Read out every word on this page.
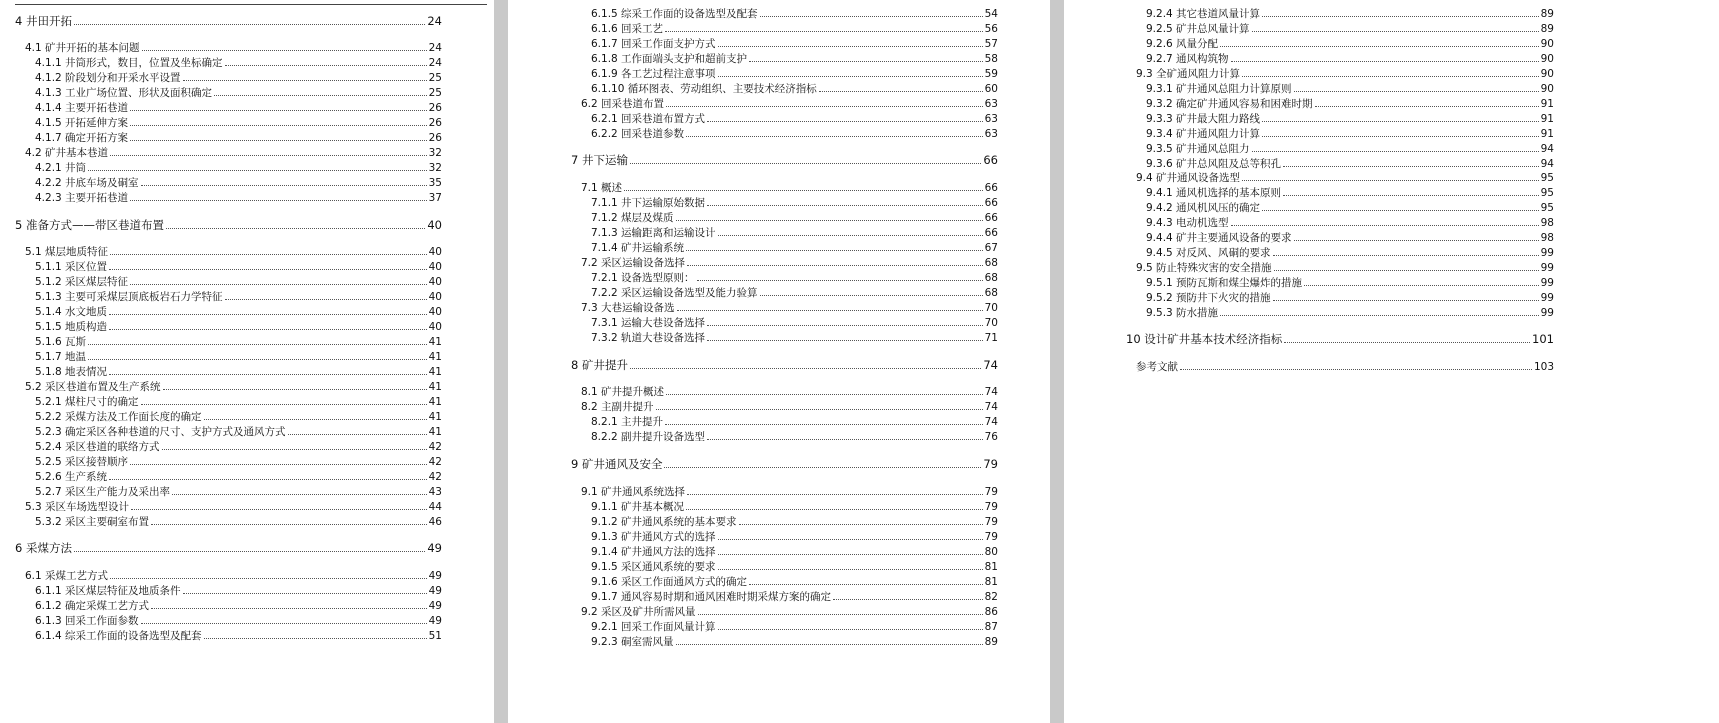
4 井田开拓	24
4.1 矿井开拓的基本问题	24
4.1.1 井筒形式，数目，位置及坐标确定	24
4.1.2 阶段划分和开采水平设置	25
4.1.3 工业广场位置、形状及面积确定	25
4.1.4 主要开拓巷道	26
4.1.5 开拓延伸方案	26
4.1.7 确定开拓方案	26
4.2 矿井基本巷道	32
4.2.1 井筒	32
4.2.2 井底车场及硐室	35
4.2.3 主要开拓巷道	37
5 准备方式——带区巷道布置	40
5.1 煤层地质特征	40
5.1.1 采区位置	40
5.1.2 采区煤层特征	40
5.1.3 主要可采煤层顶底板岩石力学特征	40
5.1.4 水文地质	40
5.1.5 地质构造	40
5.1.6 瓦斯	41
5.1.7 地温	41
5.1.8 地表情况	41
5.2 采区巷道布置及生产系统	41
5.2.1 煤柱尺寸的确定	41
5.2.2 采煤方法及工作面长度的确定	41
5.2.3 确定采区各种巷道的尺寸、支护方式及通风方式	41
5.2.4 采区巷道的联络方式	42
5.2.5 采区接替顺序	42
5.2.6 生产系统	42
5.2.7 采区生产能力及采出率	43
5.3 采区车场选型设计	44
5.3.2 采区主要硐室布置	46
6 采煤方法	49
6.1 采煤工艺方式	49
6.1.1 采区煤层特征及地质条件	49
6.1.2 确定采煤工艺方式	49
6.1.3 回采工作面参数	49
6.1.4 综采工作面的设备选型及配套	51
6.1.5 综采工作面的设备选型及配套	54
6.1.6 回采工艺	56
6.1.7 回采工作面支护方式	57
6.1.8 工作面端头支护和超前支护	58
6.1.9 各工艺过程注意事项	59
6.1.10 循环图表、劳动组织、主要技术经济指标	60
6.2 回采巷道布置	63
6.2.1 回采巷道布置方式	63
6.2.2 回采巷道参数	63
7 井下运输	66
7.1 概述	66
7.1.1 井下运输原始数据	66
7.1.2 煤层及煤质	66
7.1.3 运输距离和运输设计	66
7.1.4 矿井运输系统	67
7.2 采区运输设备选择	68
7.2.1 设备选型原则：	68
7.2.2 采区运输设备选型及能力验算	68
7.3 大巷运输设备选	70
7.3.1 运输大巷设备选择	70
7.3.2 轨道大巷设备选择	71
8 矿井提升	74
8.1 矿井提升概述	74
8.2 主副井提升	74
8.2.1 主井提升	74
8.2.2 副井提升设备选型	76
9 矿井通风及安全	79
9.1 矿井通风系统选择	79
9.1.1 矿井基本概况	79
9.1.2 矿井通风系统的基本要求	79
9.1.3 矿井通风方式的选择	79
9.1.4 矿井通风方法的选择	80
9.1.5 采区通风系统的要求	81
9.1.6 采区工作面通风方式的确定	81
9.1.7 通风容易时期和通风困难时期采煤方案的确定	82
9.2 采区及矿井所需风量	86
9.2.1 回采工作面风量计算	87
9.2.3 硐室需风量	89
9.2.4 其它巷道风量计算	89
9.2.5 矿井总风量计算	89
9.2.6 风量分配	90
9.2.7 通风构筑物	90
9.3 全矿通风阻力计算	90
9.3.1 矿井通风总阻力计算原则	90
9.3.2 确定矿井通风容易和困难时期	91
9.3.3 矿井最大阻力路线	91
9.3.4 矿井通风阻力计算	91
9.3.5 矿井通风总阻力	94
9.3.6 矿井总风阻及总等积孔	94
9.4 矿井通风设备选型	95
9.4.1 通风机选择的基本原则	95
9.4.2 通风机风压的确定	95
9.4.3 电动机选型	98
9.4.4 矿井主要通风设备的要求	98
9.4.5 对反风、风硐的要求	99
9.5 防止特殊灾害的安全措施	99
9.5.1 预防瓦斯和煤尘爆炸的措施	99
9.5.2 预防井下火灾的措施	99
9.5.3 防水措施	99
10 设计矿井基本技术经济指标	101
参考文献	103
